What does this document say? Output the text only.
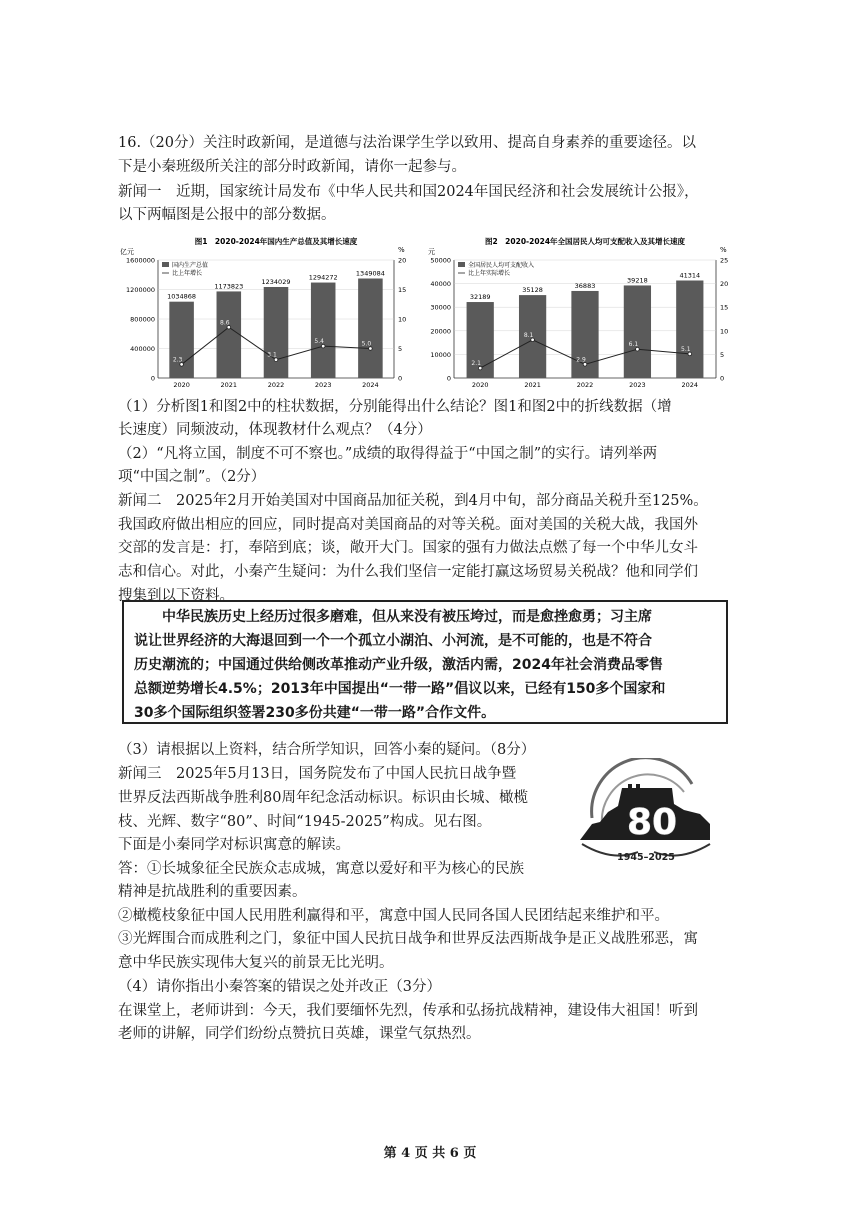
16.（20分）关注时政新闻，是道德与法治课学生学以致用、提高自身素养的重要途径。以
下是小秦班级所关注的部分时政新闻，请你一起参与。
新闻一　近期，国家统计局发布《中华人民共和国2024年国民经济和社会发展统计公报》，
以下两幅图是公报中的部分数据。
图1　2020-2024年国内生产总值及其增长速度
亿元	%
1600000
1200000
800000
400000
0
20
15
10
5
0
1034868
2020
1173823
2021
1234029
2022
1294272
2023
1349084
2024
2.3
8.6
3.1
5.4	5.0
国内生产总值
比上年增长
图2　2020-2024年全国居民人均可支配收入及其增长速度
元	%
50000
40000
30000
20000
10000
0
25
20
15
10
5
0
32189
2020
35128
2021
36883
2022
39218
2023
41314
2024
2.1
8.1
2.9
6.1
5.1
全国居民人均可支配收入
比上年实际增长
（1）分析图1和图2中的柱状数据，分别能得出什么结论？图1和图2中的折线数据（增
长速度）同频波动，体现教材什么观点？（4分）
（2）“凡将立国，制度不可不察也。”成绩的取得得益于“中国之制”的实行。请列举两
项“中国之制”。（2分）
新闻二　2025年2月开始美国对中国商品加征关税，到4月中旬，部分商品关税升至125%。
我国政府做出相应的回应，同时提高对美国商品的对等关税。面对美国的关税大战，我国外
交部的发言是：打，奉陪到底；谈，敞开大门。国家的强有力做法点燃了每一个中华儿女斗
志和信心。对此，小秦产生疑问：为什么我们坚信一定能打赢这场贸易关税战？他和同学们
搜集到以下资料。

中华民族历史上经历过很多磨难，但从来没有被压垮过，而是愈挫愈勇；习主席

说让世界经济的大海退回到一个一个孤立小湖泊、小河流，是不可能的，也是不符合

历史潮流的；中国通过供给侧改革推动产业升级，激活内需，2024年社会消费品零售

总额逆势增长4.5%；2013年中国提出“一带一路”倡议以来，已经有150多个国家和

30多个国际组织签署230多份共建“一带一路”合作文件。

（3）请根据以上资料，结合所学知识，回答小秦的疑问。（8分）
新闻三　2025年5月13日，国务院发布了中国人民抗日战争暨
世界反法西斯战争胜利80周年纪念活动标识。标识由长城、橄榄
枝、光辉、数字“80”、时间“1945-2025”构成。见右图。
下面是小秦同学对标识寓意的解读。
答：①长城象征全民族众志成城，寓意以爱好和平为核心的民族
精神是抗战胜利的重要因素。
②橄榄枝象征中国人民用胜利赢得和平，寓意中国人民同各国人民团结起来维护和平。
③光辉围合而成胜利之门，象征中国人民抗日战争和世界反法西斯战争是正义战胜邪恶，寓
意中华民族实现伟大复兴的前景无比光明。
（4）请你指出小秦答案的错误之处并改正（3分）
在课堂上，老师讲到：今天，我们要缅怀先烈，传承和弘扬抗战精神，建设伟大祖国！听到
老师的讲解，同学们纷纷点赞抗日英雄，课堂气氛热烈。
80
1945–2025
第 4 页 共 6 页
